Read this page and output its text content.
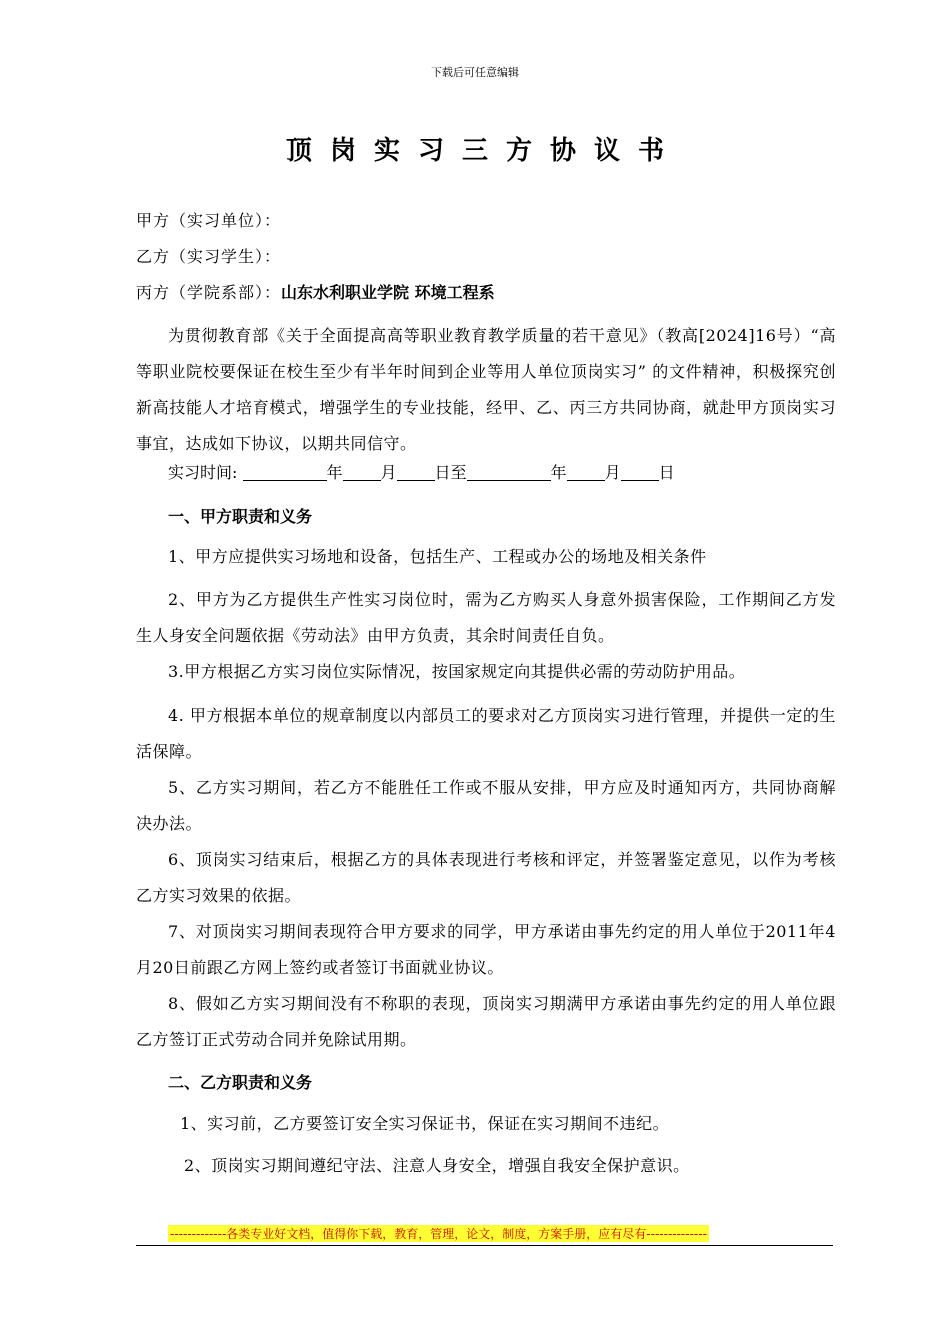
下载后可任意编辑
顶岗实习三方协议书
甲方（实习单位）：
乙方（实习学生）：
丙方（学院系部）：山东水利职业学院 环境工程系
为贯彻教育部《关于全面提高高等职业教育教学质量的若干意见》（教高[2024]16号）“高等职业院校要保证在校生至少有半年时间到企业等用人单位顶岗实习” 的文件精神，积极探究创新高技能人才培育模式，增强学生的专业技能，经甲、乙、丙三方共同协商，就赴甲方顶岗实习事宜，达成如下协议，以期共同信守。
实习时间:	年 月 日至	年 月 日
一、甲方职责和义务
1、甲方应提供实习场地和设备，包括生产、工程或办公的场地及相关条件
2、甲方为乙方提供生产性实习岗位时，需为乙方购买人身意外损害保险，工作期间乙方发生人身安全问题依据《劳动法》由甲方负责，其余时间责任自负。
3.甲方根据乙方实习岗位实际情况，按国家规定向其提供必需的劳动防护用品。
4. 甲方根据本单位的规章制度以内部员工的要求对乙方顶岗实习进行管理，并提供一定的生活保障。
5、乙方实习期间，若乙方不能胜任工作或不服从安排，甲方应及时通知丙方，共同协商解决办法。
6、顶岗实习结束后，根据乙方的具体表现进行考核和评定，并签署鉴定意见，以作为考核乙方实习效果的依据。
7、对顶岗实习期间表现符合甲方要求的同学，甲方承诺由事先约定的用人单位于2011年4月20日前跟乙方网上签约或者签订书面就业协议。
8、假如乙方实习期间没有不称职的表现，顶岗实习期满甲方承诺由事先约定的用人单位跟乙方签订正式劳动合同并免除试用期。
二、乙方职责和义务
1、实习前，乙方要签订安全实习保证书，保证在实习期间不违纪。
2、顶岗实习期间遵纪守法、注意人身安全，增强自我安全保护意识。
-------------各类专业好文档，值得你下载，教育，管理，论文，制度，方案手册，应有尽有--------------
